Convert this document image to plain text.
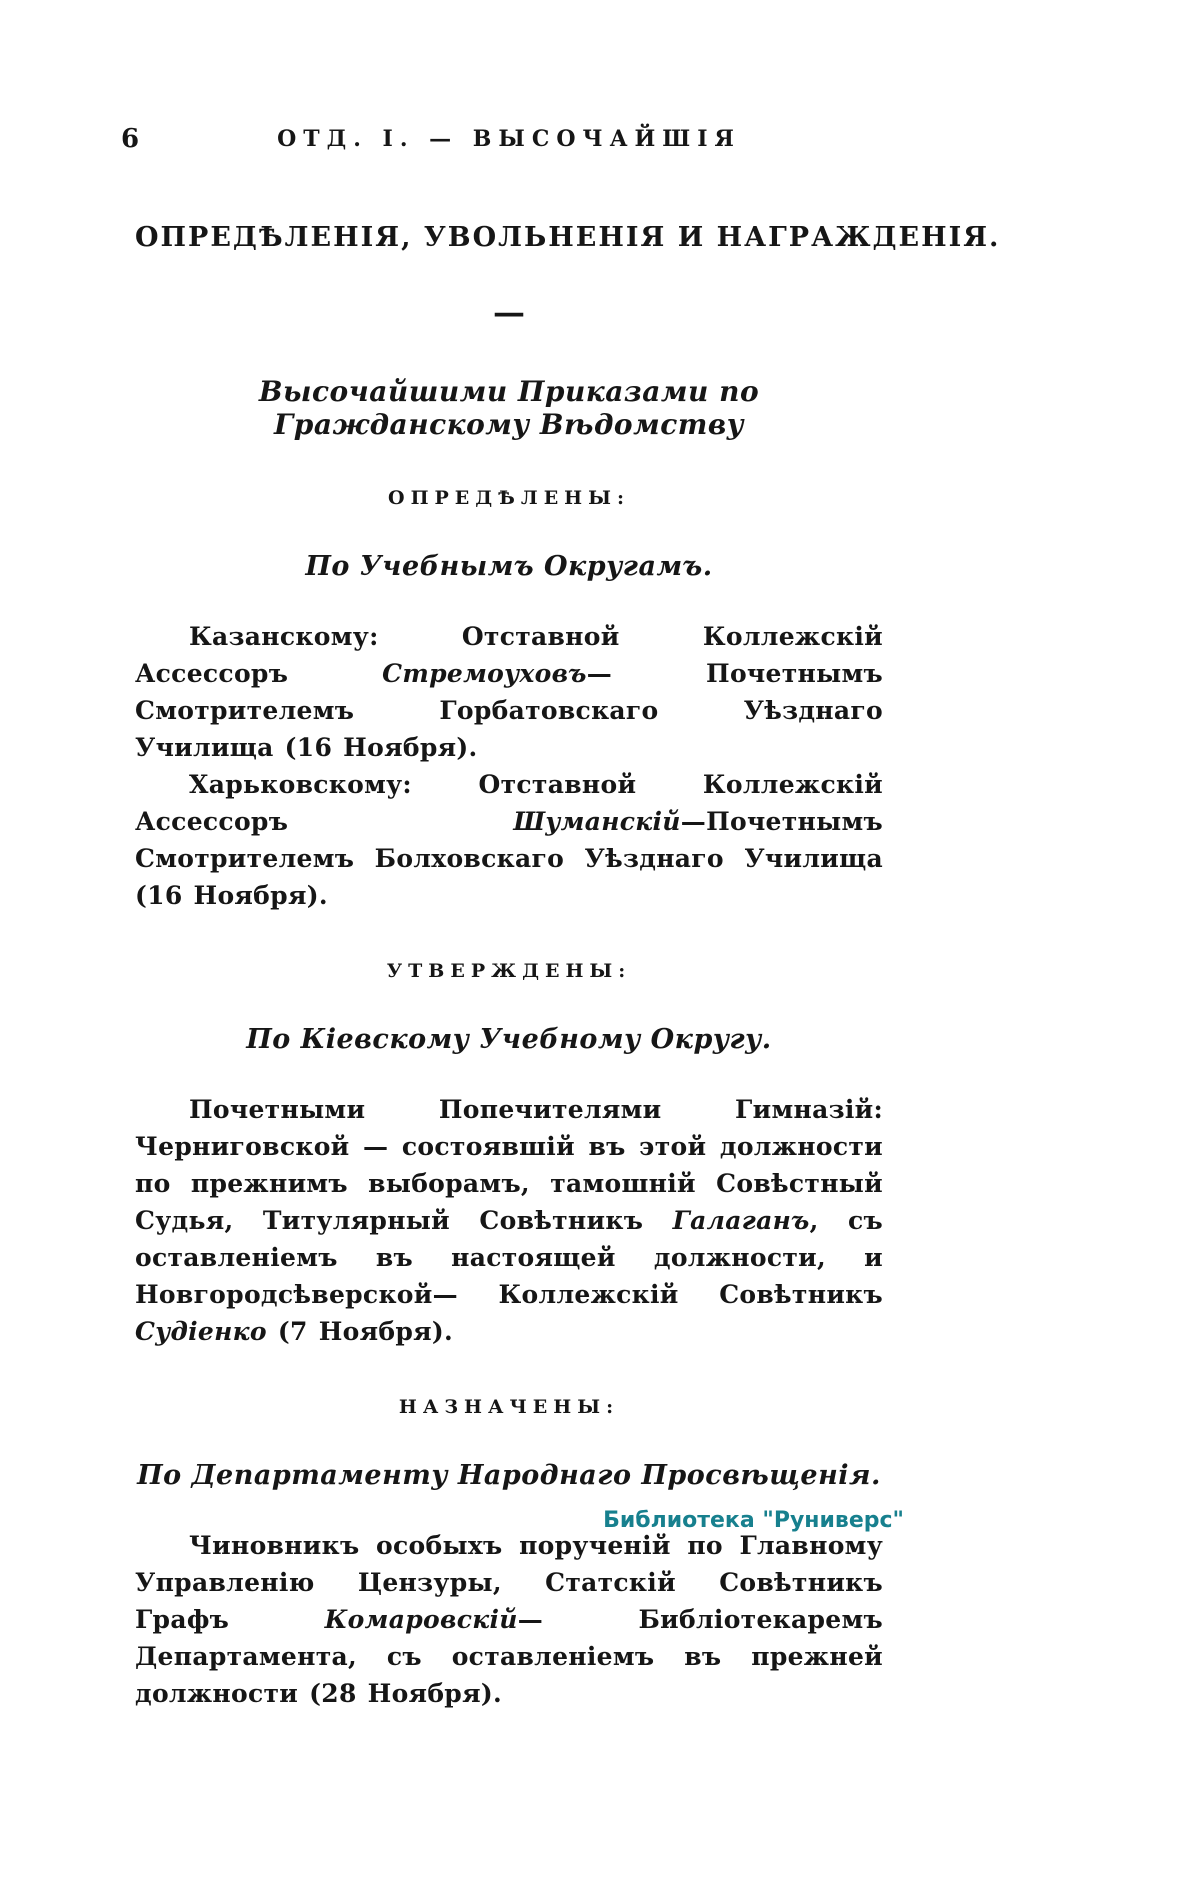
6	ОТД. І. — ВЫСОЧАЙШІЯ
ОПРЕДѢЛЕНІЯ, УВОЛЬНЕНІЯ И НАГРАЖДЕНІЯ.
—
Высочайшими Приказами по Гражданскому Вѣдомству
ОПРЕДѢЛЕНЫ:
По Учебнымъ Округамъ.

Казанскому: Отставной Коллежскій Ассессоръ Стремоуховъ— Почетнымъ Смотрителемъ Горбатовскаго Уѣзднаго Училища (16 Ноября).

Харьковскому: Отставной Коллежскій Ассессоръ Шуманскій—Почетнымъ Смотрителемъ Болховскаго Уѣзднаго Училища (16 Ноября).

УТВЕРЖДЕНЫ:
По Кіевскому Учебному Округу.

Почетными Попечителями Гимназій: Черниговской — состоявшій въ этой должности по прежнимъ выборамъ, тамошній Совѣстный Судья, Титулярный Совѣтникъ Галаганъ, съ оставленіемъ въ настоящей должности, и Новгородсѣверской— Коллежскій Совѣтникъ Судіенко (7 Ноября).

НАЗНАЧЕНЫ:
По Департаменту Народнаго Просвѣщенія.

Чиновникъ особыхъ порученій по Главному Управленію Цензуры, Статскій Совѣтникъ Графъ Комаровскій— Библіотекаремъ Департамента, съ оставленіемъ въ прежней должности (28 Ноября).

Библиотека "Руниверс"
